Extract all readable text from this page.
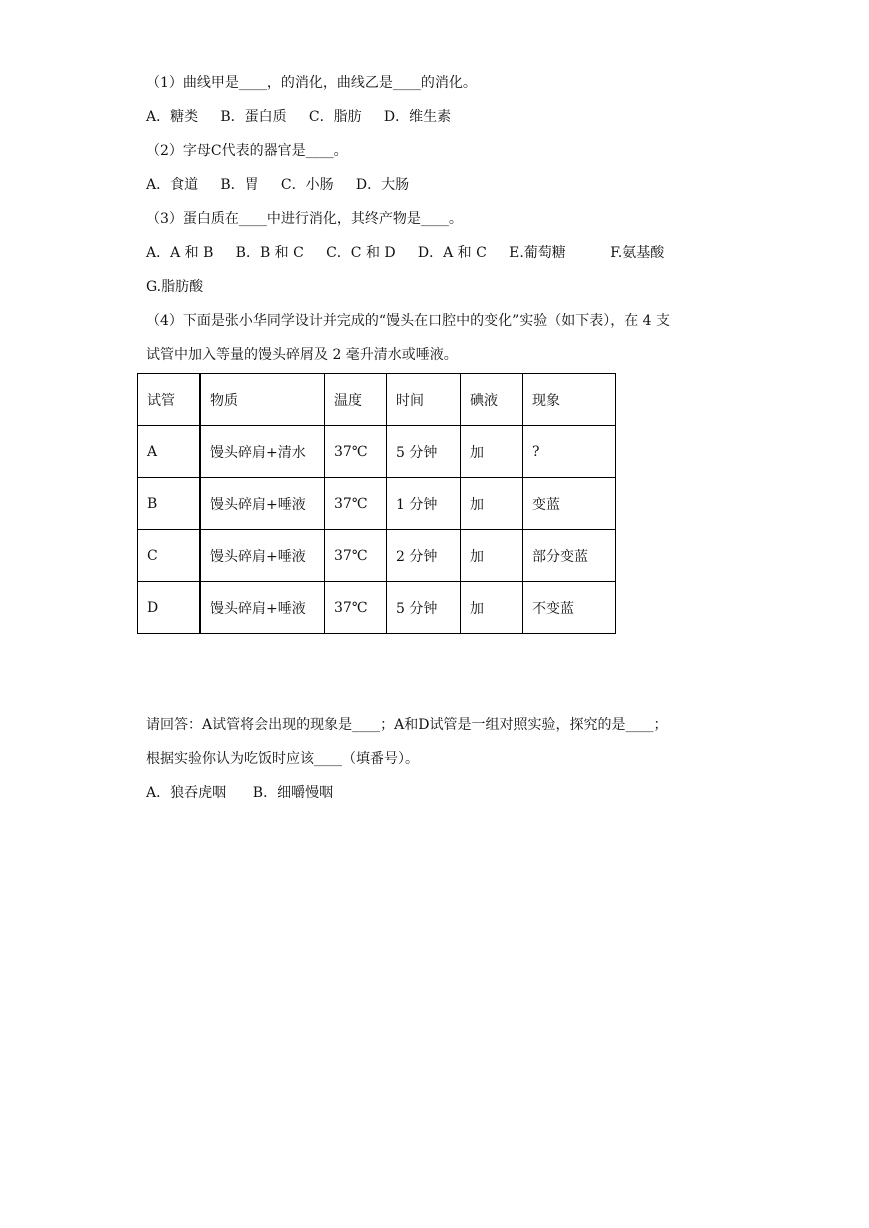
（1）曲线甲是____，的消化，曲线乙是____的消化。
A．糖类     B．蛋白质     C．脂肪     D．维生素
（2）字母C代表的器官是____。
A．食道     B．胃     C．小肠     D．大肠
（3）蛋白质在____中进行消化，其终产物是____。
A．A 和 B     B．B 和 C     C．C 和 D     D．A 和 C     E.葡萄糖          F.氨基酸
G.脂肪酸
（4）下面是张小华同学设计并完成的“馒头在口腔中的变化”实验（如下表），在 4 支
试管中加入等量的馒头碎屑及 2 毫升清水或唾液。
试管	物质	温度	时间	碘液	现象
A	馒头碎肩+清水	37℃	5 分钟	加	?
B	馒头碎肩+唾液	37℃	1 分钟	加	变蓝
C	馒头碎肩+唾液	37℃	2 分钟	加	部分变蓝
D	馒头碎肩+唾液	37℃	5 分钟	加	不变蓝
请回答：A试管将会出现的现象是____；A和D试管是一组对照实验，探究的是____；
根据实验你认为吃饭时应该____（填番号）。
A．狼吞虎咽      B．细嚼慢咽
